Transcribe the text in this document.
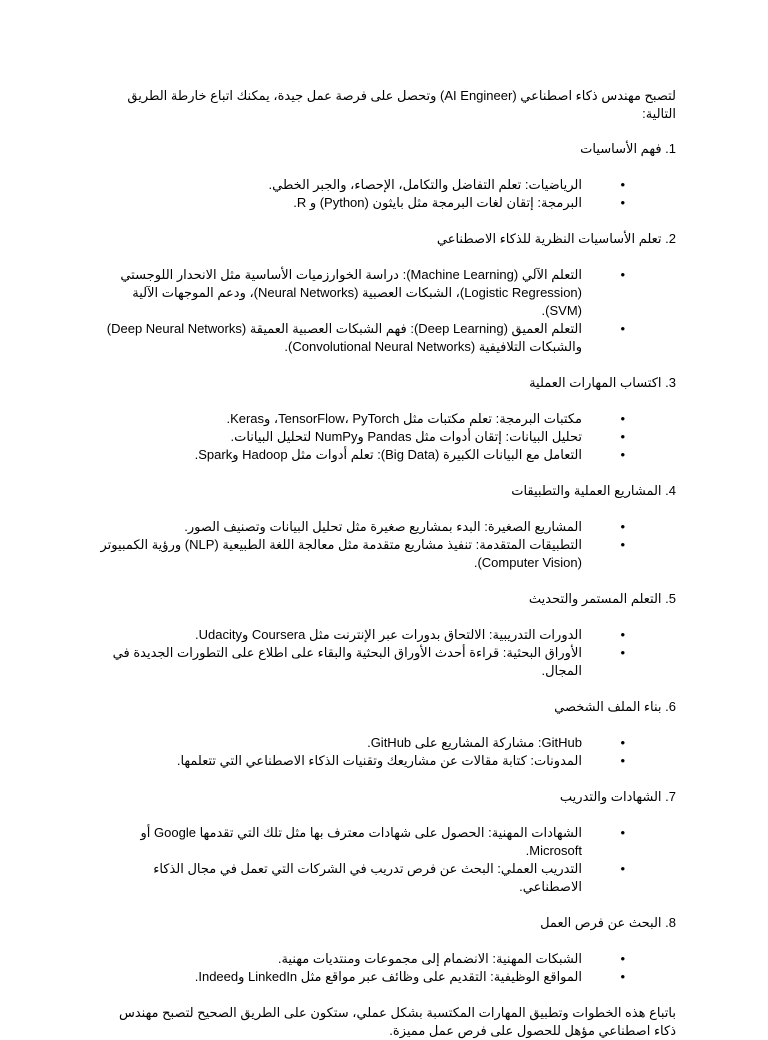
لتصبح مهندس ذكاء اصطناعي (AI Engineer) وتحصل على فرصة عمل جيدة، يمكنك اتباع خارطة الطريق التالية:

1. فهم الأساسيات

• الرياضيات: تعلم التفاضل والتكامل، الإحصاء، والجبر الخطي.
• البرمجة: إتقان لغات البرمجة مثل بايثون (Python) و R.

2. تعلم الأساسيات النظرية للذكاء الاصطناعي

• التعلم الآلي (Machine Learning): دراسة الخوارزميات الأساسية مثل الانحدار اللوجستي (Logistic Regression)، الشبكات العصبية (Neural Networks)، ودعم الموجهات الآلية (SVM).
• التعلم العميق (Deep Learning): فهم الشبكات العصبية العميقة (Deep Neural Networks) والشبكات التلافيفية (Convolutional Neural Networks).

3. اكتساب المهارات العملية

• مكتبات البرمجة: تعلم مكتبات مثل TensorFlow، PyTorch، وKeras.
• تحليل البيانات: إتقان أدوات مثل Pandas وNumPy لتحليل البيانات.
• التعامل مع البيانات الكبيرة (Big Data): تعلم أدوات مثل Hadoop وSpark.

4. المشاريع العملية والتطبيقات

• المشاريع الصغيرة: البدء بمشاريع صغيرة مثل تحليل البيانات وتصنيف الصور.
• التطبيقات المتقدمة: تنفيذ مشاريع متقدمة مثل معالجة اللغة الطبيعية (NLP) ورؤية الكمبيوتر (Computer Vision).

5. التعلم المستمر والتحديث

• الدورات التدريبية: الالتحاق بدورات عبر الإنترنت مثل Coursera وUdacity.
• الأوراق البحثية: قراءة أحدث الأوراق البحثية والبقاء على اطلاع على التطورات الجديدة في المجال.

6. بناء الملف الشخصي

• GitHub: مشاركة المشاريع على GitHub.
• المدونات: كتابة مقالات عن مشاريعك وتقنيات الذكاء الاصطناعي التي تتعلمها.

7. الشهادات والتدريب

• الشهادات المهنية: الحصول على شهادات معترف بها مثل تلك التي تقدمها Google أو Microsoft.
• التدريب العملي: البحث عن فرص تدريب في الشركات التي تعمل في مجال الذكاء الاصطناعي.

8. البحث عن فرص العمل

• الشبكات المهنية: الانضمام إلى مجموعات ومنتديات مهنية.
• المواقع الوظيفية: التقديم على وظائف عبر مواقع مثل LinkedIn وIndeed.

باتباع هذه الخطوات وتطبيق المهارات المكتسبة بشكل عملي، ستكون على الطريق الصحيح لتصبح مهندس ذكاء اصطناعي مؤهل للحصول على فرص عمل مميزة.
